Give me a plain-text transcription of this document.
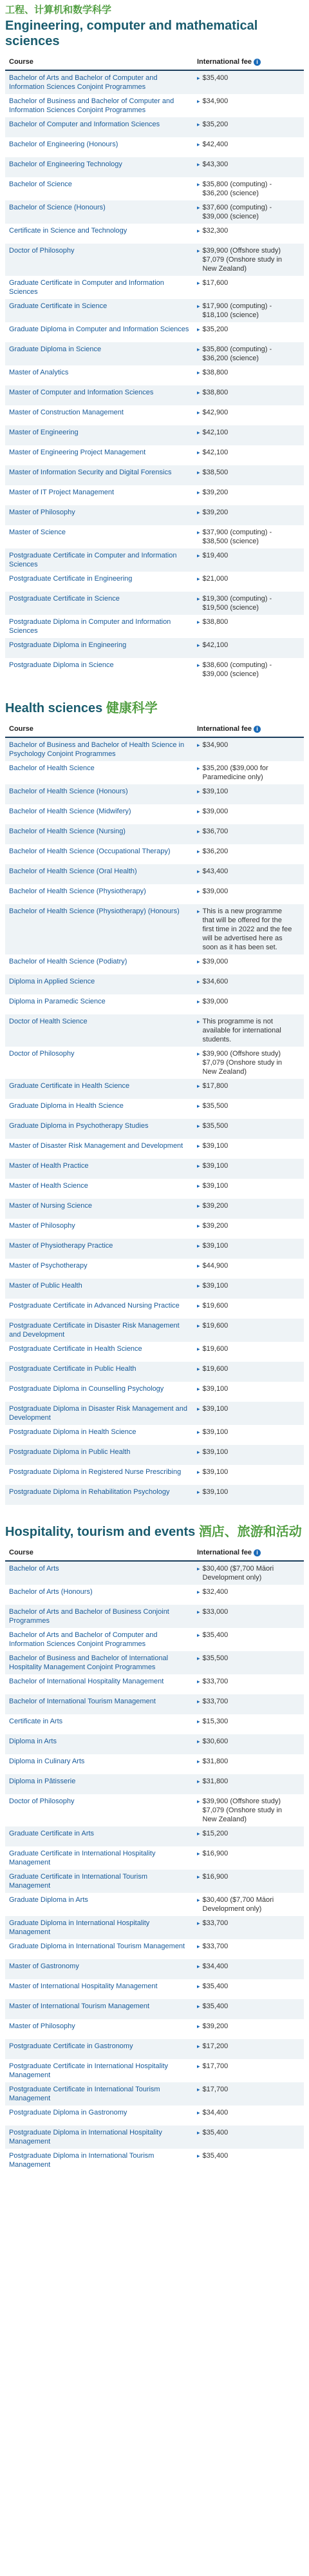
工程、计算机和数学科学
Engineering, computer and mathematical sciences
Course	International fee i
Bachelor of Arts and Bachelor of Computer and Information Sciences Conjoint Programmes	▸ $35,400
Bachelor of Business and Bachelor of Computer and Information Sciences Conjoint Programmes	▸ $34,900
Bachelor of Computer and Information Sciences	▸ $35,200
Bachelor of Engineering (Honours)	▸ $42,400
Bachelor of Engineering Technology	▸ $43,300
Bachelor of Science	▸ $35,800 (computing) - $36,200 (science)
Bachelor of Science (Honours)	▸ $37,600 (computing) - $39,000 (science)
Certificate in Science and Technology	▸ $32,300
Doctor of Philosophy	▸ $39,900 (Offshore study) $7,079 (Onshore study in New Zealand)
Graduate Certificate in Computer and Information Sciences	▸ $17,600
Graduate Certificate in Science	▸ $17,900 (computing) - $18,100 (science)
Graduate Diploma in Computer and Information Sciences	▸ $35,200
Graduate Diploma in Science	▸ $35,800 (computing) - $36,200 (science)
Master of Analytics	▸ $38,800
Master of Computer and Information Sciences	▸ $38,800
Master of Construction Management	▸ $42,900
Master of Engineering	▸ $42,100
Master of Engineering Project Management	▸ $42,100
Master of Information Security and Digital Forensics	▸ $38,500
Master of IT Project Management	▸ $39,200
Master of Philosophy	▸ $39,200
Master of Science	▸ $37,900 (computing) - $38,500 (science)
Postgraduate Certificate in Computer and Information Sciences	▸ $19,400
Postgraduate Certificate in Engineering	▸ $21,000
Postgraduate Certificate in Science	▸ $19,300 (computing) - $19,500 (science)
Postgraduate Diploma in Computer and Information Sciences	▸ $38,800
Postgraduate Diploma in Engineering	▸ $42,100
Postgraduate Diploma in Science	▸ $38,600 (computing) - $39,000 (science)
Health sciences 健康科学
Course	International fee i
Bachelor of Business and Bachelor of Health Science in Psychology Conjoint Programmes	▸ $34,900
Bachelor of Health Science	▸ $35,200 ($39,000 for Paramedicine only)
Bachelor of Health Science (Honours)	▸ $39,100
Bachelor of Health Science (Midwifery)	▸ $39,000
Bachelor of Health Science (Nursing)	▸ $36,700
Bachelor of Health Science (Occupational Therapy)	▸ $36,200
Bachelor of Health Science (Oral Health)	▸ $43,400
Bachelor of Health Science (Physiotherapy)	▸ $39,000
Bachelor of Health Science (Physiotherapy) (Honours)	▸ This is a new programme that will be offered for the first time in 2022 and the fee will be advertised here as soon as it has been set.
Bachelor of Health Science (Podiatry)	▸ $39,000
Diploma in Applied Science	▸ $34,600
Diploma in Paramedic Science	▸ $39,000
Doctor of Health Science	▸ This programme is not available for international students.
Doctor of Philosophy	▸ $39,900 (Offshore study) $7,079 (Onshore study in New Zealand)
Graduate Certificate in Health Science	▸ $17,800
Graduate Diploma in Health Science	▸ $35,500
Graduate Diploma in Psychotherapy Studies	▸ $35,500
Master of Disaster Risk Management and Development	▸ $39,100
Master of Health Practice	▸ $39,100
Master of Health Science	▸ $39,100
Master of Nursing Science	▸ $39,200
Master of Philosophy	▸ $39,200
Master of Physiotherapy Practice	▸ $39,100
Master of Psychotherapy	▸ $44,900
Master of Public Health	▸ $39,100
Postgraduate Certificate in Advanced Nursing Practice	▸ $19,600
Postgraduate Certificate in Disaster Risk Management and Development	▸ $19,600
Postgraduate Certificate in Health Science	▸ $19,600
Postgraduate Certificate in Public Health	▸ $19,600
Postgraduate Diploma in Counselling Psychology	▸ $39,100
Postgraduate Diploma in Disaster Risk Management and Development	▸ $39,100
Postgraduate Diploma in Health Science	▸ $39,100
Postgraduate Diploma in Public Health	▸ $39,100
Postgraduate Diploma in Registered Nurse Prescribing	▸ $39,100
Postgraduate Diploma in Rehabilitation Psychology	▸ $39,100
Hospitality, tourism and events 酒店、旅游和活动
Course	International fee i
Bachelor of Arts	▸ $30,400 ($7,700 Māori Development only)
Bachelor of Arts (Honours)	▸ $32,400
Bachelor of Arts and Bachelor of Business Conjoint Programmes	▸ $33,000
Bachelor of Arts and Bachelor of Computer and Information Sciences Conjoint Programmes	▸ $35,400
Bachelor of Business and Bachelor of International Hospitality Management Conjoint Programmes	▸ $35,500
Bachelor of International Hospitality Management	▸ $33,700
Bachelor of International Tourism Management	▸ $33,700
Certificate in Arts	▸ $15,300
Diploma in Arts	▸ $30,600
Diploma in Culinary Arts	▸ $31,800
Diploma in Pâtisserie	▸ $31,800
Doctor of Philosophy	▸ $39,900 (Offshore study) $7,079 (Onshore study in New Zealand)
Graduate Certificate in Arts	▸ $15,200
Graduate Certificate in International Hospitality Management	▸ $16,900
Graduate Certificate in International Tourism Management	▸ $16,900
Graduate Diploma in Arts	▸ $30,400 ($7,700 Māori Development only)
Graduate Diploma in International Hospitality Management	▸ $33,700
Graduate Diploma in International Tourism Management	▸ $33,700
Master of Gastronomy	▸ $34,400
Master of International Hospitality Management	▸ $35,400
Master of International Tourism Management	▸ $35,400
Master of Philosophy	▸ $39,200
Postgraduate Certificate in Gastronomy	▸ $17,200
Postgraduate Certificate in International Hospitality Management	▸ $17,700
Postgraduate Certificate in International Tourism Management	▸ $17,700
Postgraduate Diploma in Gastronomy	▸ $34,400
Postgraduate Diploma in International Hospitality Management	▸ $35,400
Postgraduate Diploma in International Tourism Management	▸ $35,400
